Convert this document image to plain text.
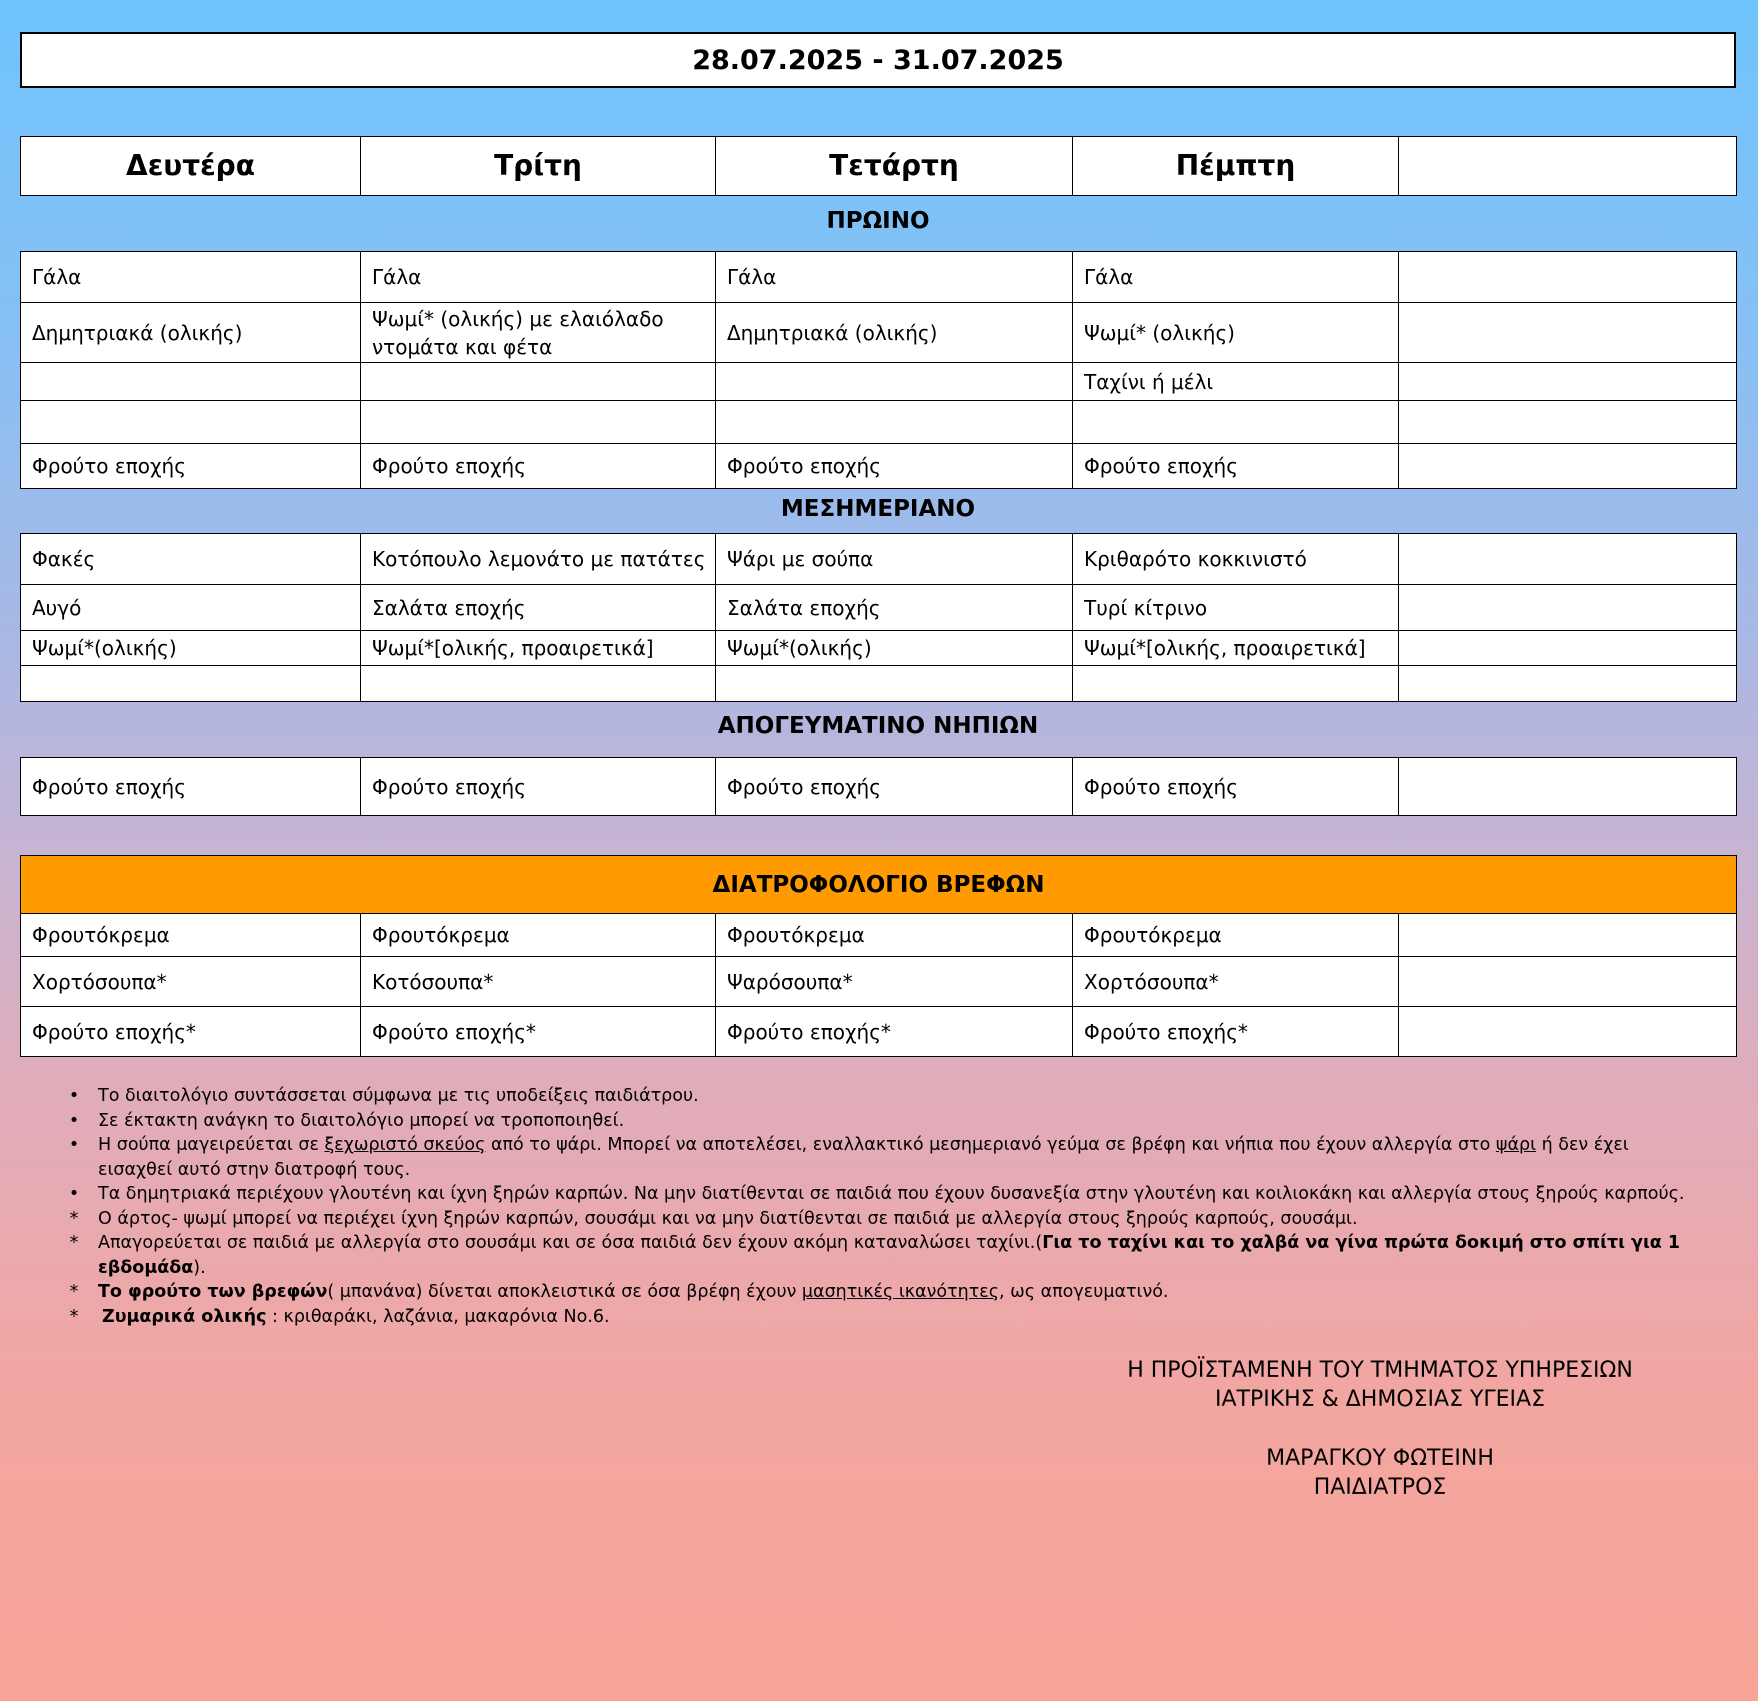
28.07.2025 - 31.07.2025
Δευτέρα	Τρίτη	Τετάρτη	Πέμπτη	
ΠΡΩΙΝΟ
Γάλα	Γάλα	Γάλα	Γάλα	
Δημητριακά (ολικής)	Ψωμί* (ολικής) με ελαιόλαδο ντομάτα και φέτα	Δημητριακά (ολικής)	Ψωμί* (ολικής)	
			Ταχίνι ή μέλι	

Φρούτο εποχής	Φρούτο εποχής	Φρούτο εποχής	Φρούτο εποχής	
ΜΕΣΗΜΕΡΙΑΝΟ
Φακές	Κοτόπουλο λεμονάτο με πατάτες	Ψάρι με σούπα	Κριθαρότο κοκκινιστό	
Αυγό	Σαλάτα εποχής	Σαλάτα εποχής	Τυρί κίτρινο	
Ψωμί*(ολικής)	Ψωμί*[ολικής, προαιρετικά]	Ψωμί*(ολικής)	Ψωμί*[ολικής, προαιρετικά]	

ΑΠΟΓΕΥΜΑΤΙΝΟ ΝΗΠΙΩΝ
Φρούτο εποχής	Φρούτο εποχής	Φρούτο εποχής	Φρούτο εποχής	
ΔΙΑΤΡΟΦΟΛΟΓΙΟ ΒΡΕΦΩΝ				
Φρουτόκρεμα	Φρουτόκρεμα	Φρουτόκρεμα	Φρουτόκρεμα	
Χορτόσουπα*	Κοτόσουπα*	Ψαρόσουπα*	Χορτόσουπα*	
Φρούτο εποχής*	Φρούτο εποχής*	Φρούτο εποχής*	Φρούτο εποχής*	
• Το διαιτολόγιο συντάσσεται σύμφωνα με τις υποδείξεις παιδιάτρου.
• Σε έκτακτη ανάγκη το διαιτολόγιο μπορεί να τροποποιηθεί.
• Η σούπα μαγειρεύεται σε ξεχωριστό σκεύος από το ψάρι. Μπορεί να αποτελέσει, εναλλακτικό μεσημεριανό γεύμα σε βρέφη και νήπια που έχουν αλλεργία στο ψάρι ή δεν έχει εισαχθεί αυτό στην διατροφή τους.
• Τα δημητριακά περιέχουν γλουτένη και ίχνη ξηρών καρπών. Να μην διατίθενται σε παιδιά που έχουν δυσανεξία στην γλουτένη και κοιλιοκάκη και αλλεργία στους ξηρούς καρπούς.
*	Ο άρτος- ψωμί μπορεί να περιέχει ίχνη ξηρών καρπών, σουσάμι και να μην διατίθενται σε παιδιά με αλλεργία στους ξηρούς καρπούς, σουσάμι.
*	Απαγορεύεται σε παιδιά με αλλεργία στο σουσάμι και σε όσα παιδιά δεν έχουν ακόμη καταναλώσει ταχίνι.(Για το ταχίνι και το χαλβά να γίνα πρώτα δοκιμή στο σπίτι για 1 εβδομάδα).
*	Το φρούτο των βρεφών( μπανάνα) δίνεται αποκλειστικά σε όσα βρέφη έχουν μασητικές ικανότητες, ως απογευματινό.
*	Ζυμαρικά ολικής : κριθαράκι, λαζάνια, μακαρόνια Νο.6.
Η ΠΡΟΪΣΤΑΜΕΝΗ ΤΟΥ ΤΜΗΜΑΤΟΣ ΥΠΗΡΕΣΙΩΝ
ΙΑΤΡΙΚΗΣ & ΔΗΜΟΣΙΑΣ ΥΓΕΙΑΣ
ΜΑΡΑΓΚΟΥ ΦΩΤΕΙΝΗ
ΠΑΙΔΙΑΤΡΟΣ
